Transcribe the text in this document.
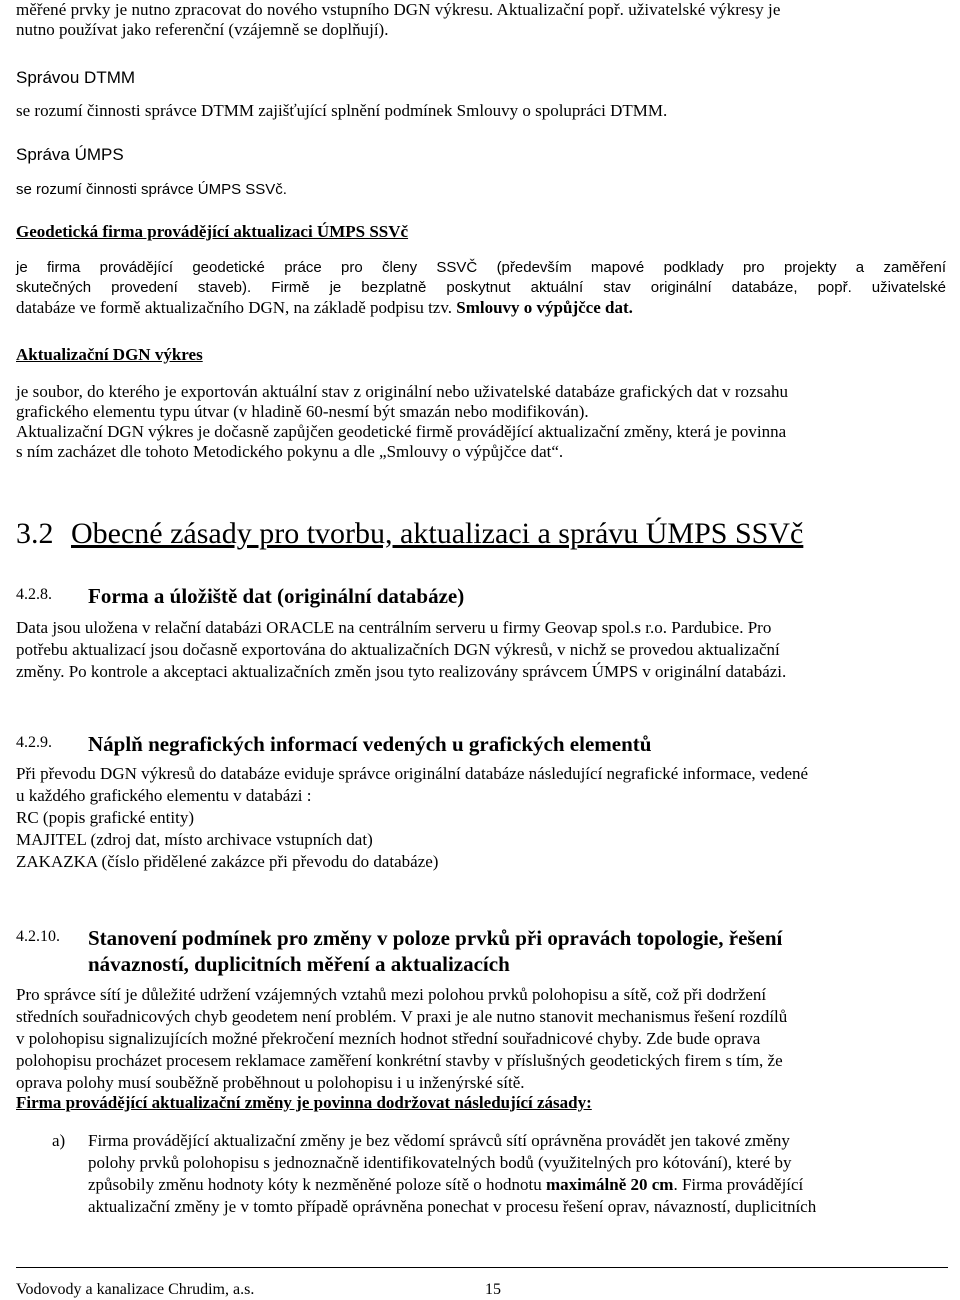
měřené prvky je nutno zpracovat do nového vstupního DGN výkresu. Aktualizační popř. uživatelské výkresy je
nutno používat jako referenční (vzájemně se doplňují).
Správou DTMM
se rozumí činnosti správce DTMM zajišťující splnění podmínek Smlouvy o spolupráci DTMM.
Správa ÚMPS
se rozumí činnosti správce ÚMPS SSVč.
Geodetická firma provádějící aktualizaci ÚMPS SSVč
je firma provádějící geodetické práce pro členy SSVČ (především mapové podklady pro projekty a zaměření
skutečných provedení staveb). Firmě je bezplatně poskytnut aktuální stav originální databáze, popř. uživatelské
databáze ve formě aktualizačního DGN, na základě podpisu tzv. Smlouvy o výpůjčce dat.
Aktualizační DGN výkres
je soubor, do kterého je exportován aktuální stav z originální nebo uživatelské databáze grafických dat v rozsahu
grafického elementu typu útvar (v hladině 60-nesmí být smazán nebo modifikován).
Aktualizační DGN výkres je dočasně zapůjčen geodetické firmě provádějící aktualizační změny, která je povinna
s ním zacházet dle tohoto Metodického pokynu a dle „Smlouvy o výpůjčce dat“.
3.2 Obecné zásady pro tvorbu, aktualizaci a správu ÚMPS SSVč
4.2.8. Forma a úložiště dat (originální databáze)
Data jsou uložena v relační databázi ORACLE na centrálním serveru u firmy Geovap spol.s r.o. Pardubice. Pro
potřebu aktualizací jsou dočasně exportována do aktualizačních DGN výkresů, v nichž se provedou aktualizační
změny. Po kontrole a akceptaci aktualizačních změn jsou tyto realizovány správcem ÚMPS v originální databázi.
4.2.9. Náplň negrafických informací vedených u grafických elementů
Při převodu DGN výkresů do databáze eviduje správce originální databáze následující negrafické informace, vedené
u každého grafického elementu v databázi :
RC (popis grafické entity)
MAJITEL (zdroj dat, místo archivace vstupních dat)
ZAKAZKA (číslo přidělené zakázce při převodu do databáze)
4.2.10. Stanovení podmínek pro změny v poloze prvků při opravách topologie, řešení
návazností, duplicitních měření a aktualizacích
Pro správce sítí je důležité udržení vzájemných vztahů mezi polohou prvků polohopisu a sítě, což při dodržení
středních souřadnicových chyb geodetem není problém. V praxi je ale nutno stanovit mechanismus řešení rozdílů
v polohopisu signalizujících možné překročení mezních hodnot střední souřadnicové chyby. Zde bude oprava
polohopisu procházet procesem reklamace zaměření konkrétní stavby v příslušných geodetických firem s tím, že
oprava polohy musí souběžně proběhnout u polohopisu i u inženýrské sítě.
Firma provádějící aktualizační změny je povinna dodržovat následující zásady:
a) Firma provádějící aktualizační změny je bez vědomí správců sítí oprávněna provádět jen takové změny
polohy prvků polohopisu s jednoznačně identifikovatelných bodů (využitelných pro kótování), které by
způsobily změnu hodnoty kóty k nezměněné poloze sítě o hodnotu maximálně 20 cm. Firma provádějící
aktualizační změny je v tomto případě oprávněna ponechat v procesu řešení oprav, návazností, duplicitních
Vodovody a kanalizace Chrudim, a.s.	15
